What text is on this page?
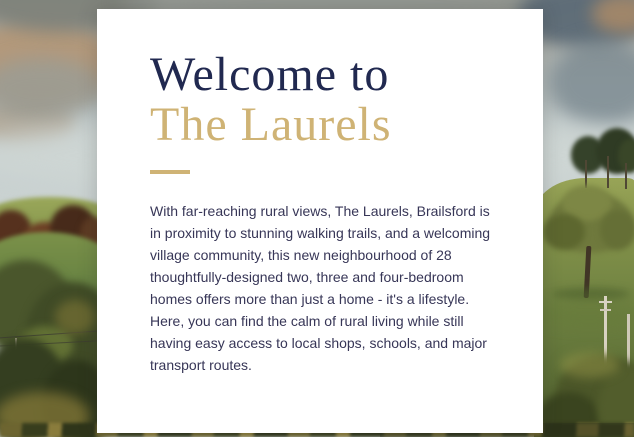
Welcome to
The Laurels

With far-reaching rural views, The Laurels, Brailsford is in proximity to stunning walking trails, and a welcoming village community, this new neighbourhood of 28 thoughtfully-designed two, three and four-bedroom homes offers more than just a home - it's a lifestyle. Here, you can find the calm of rural living while still having easy access to local shops, schools, and major transport routes.
